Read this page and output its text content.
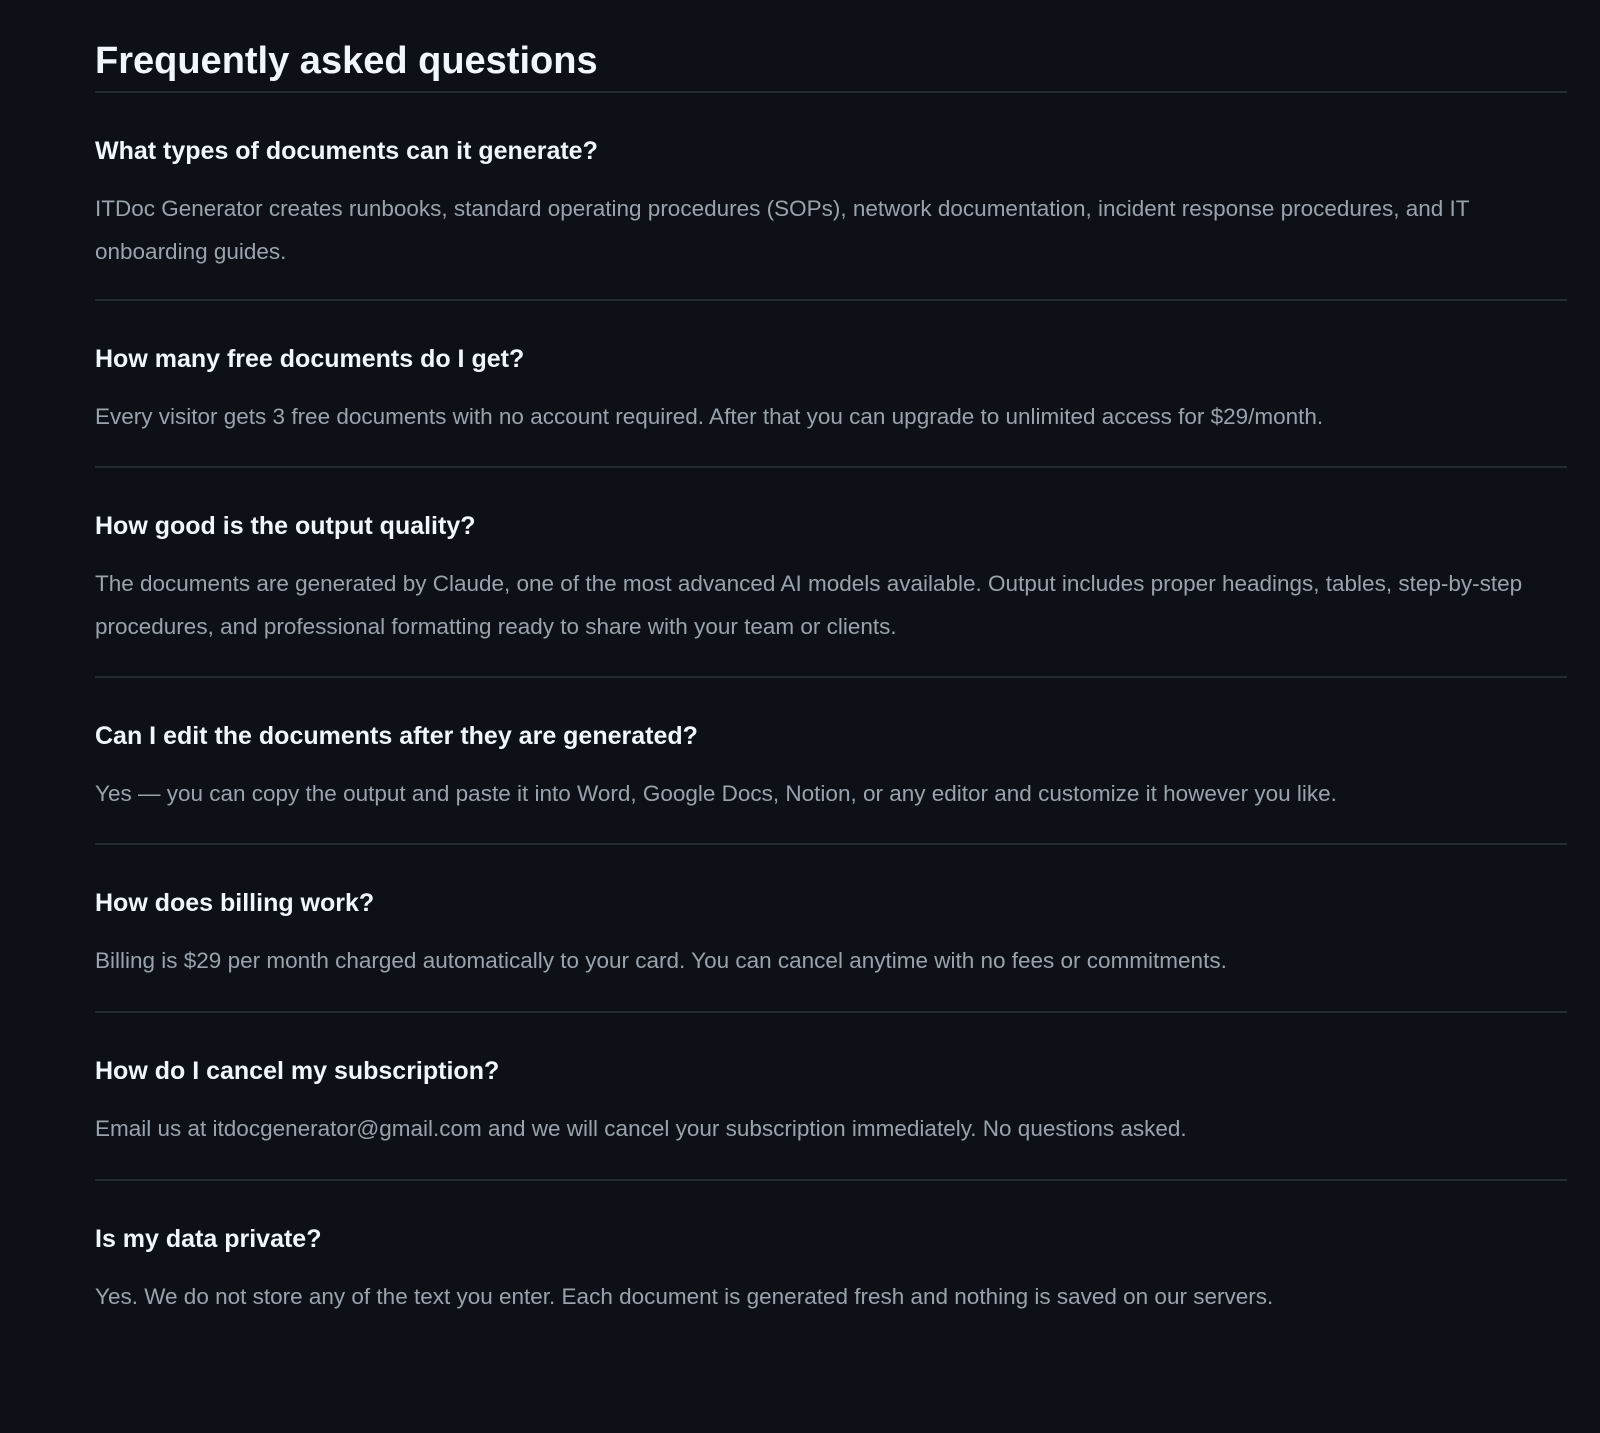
Frequently asked questions
What types of documents can it generate?

ITDoc Generator creates runbooks, standard operating procedures (SOPs), network documentation, incident response procedures, and IT onboarding guides.

How many free documents do I get?

Every visitor gets 3 free documents with no account required. After that you can upgrade to unlimited access for $29/month.

How good is the output quality?

The documents are generated by Claude, one of the most advanced AI models available. Output includes proper headings, tables, step-by-step procedures, and professional formatting ready to share with your team or clients.

Can I edit the documents after they are generated?

Yes — you can copy the output and paste it into Word, Google Docs, Notion, or any editor and customize it however you like.

How does billing work?

Billing is $29 per month charged automatically to your card. You can cancel anytime with no fees or commitments.

How do I cancel my subscription?

Email us at itdocgenerator@gmail.com and we will cancel your subscription immediately. No questions asked.

Is my data private?

Yes. We do not store any of the text you enter. Each document is generated fresh and nothing is saved on our servers.
